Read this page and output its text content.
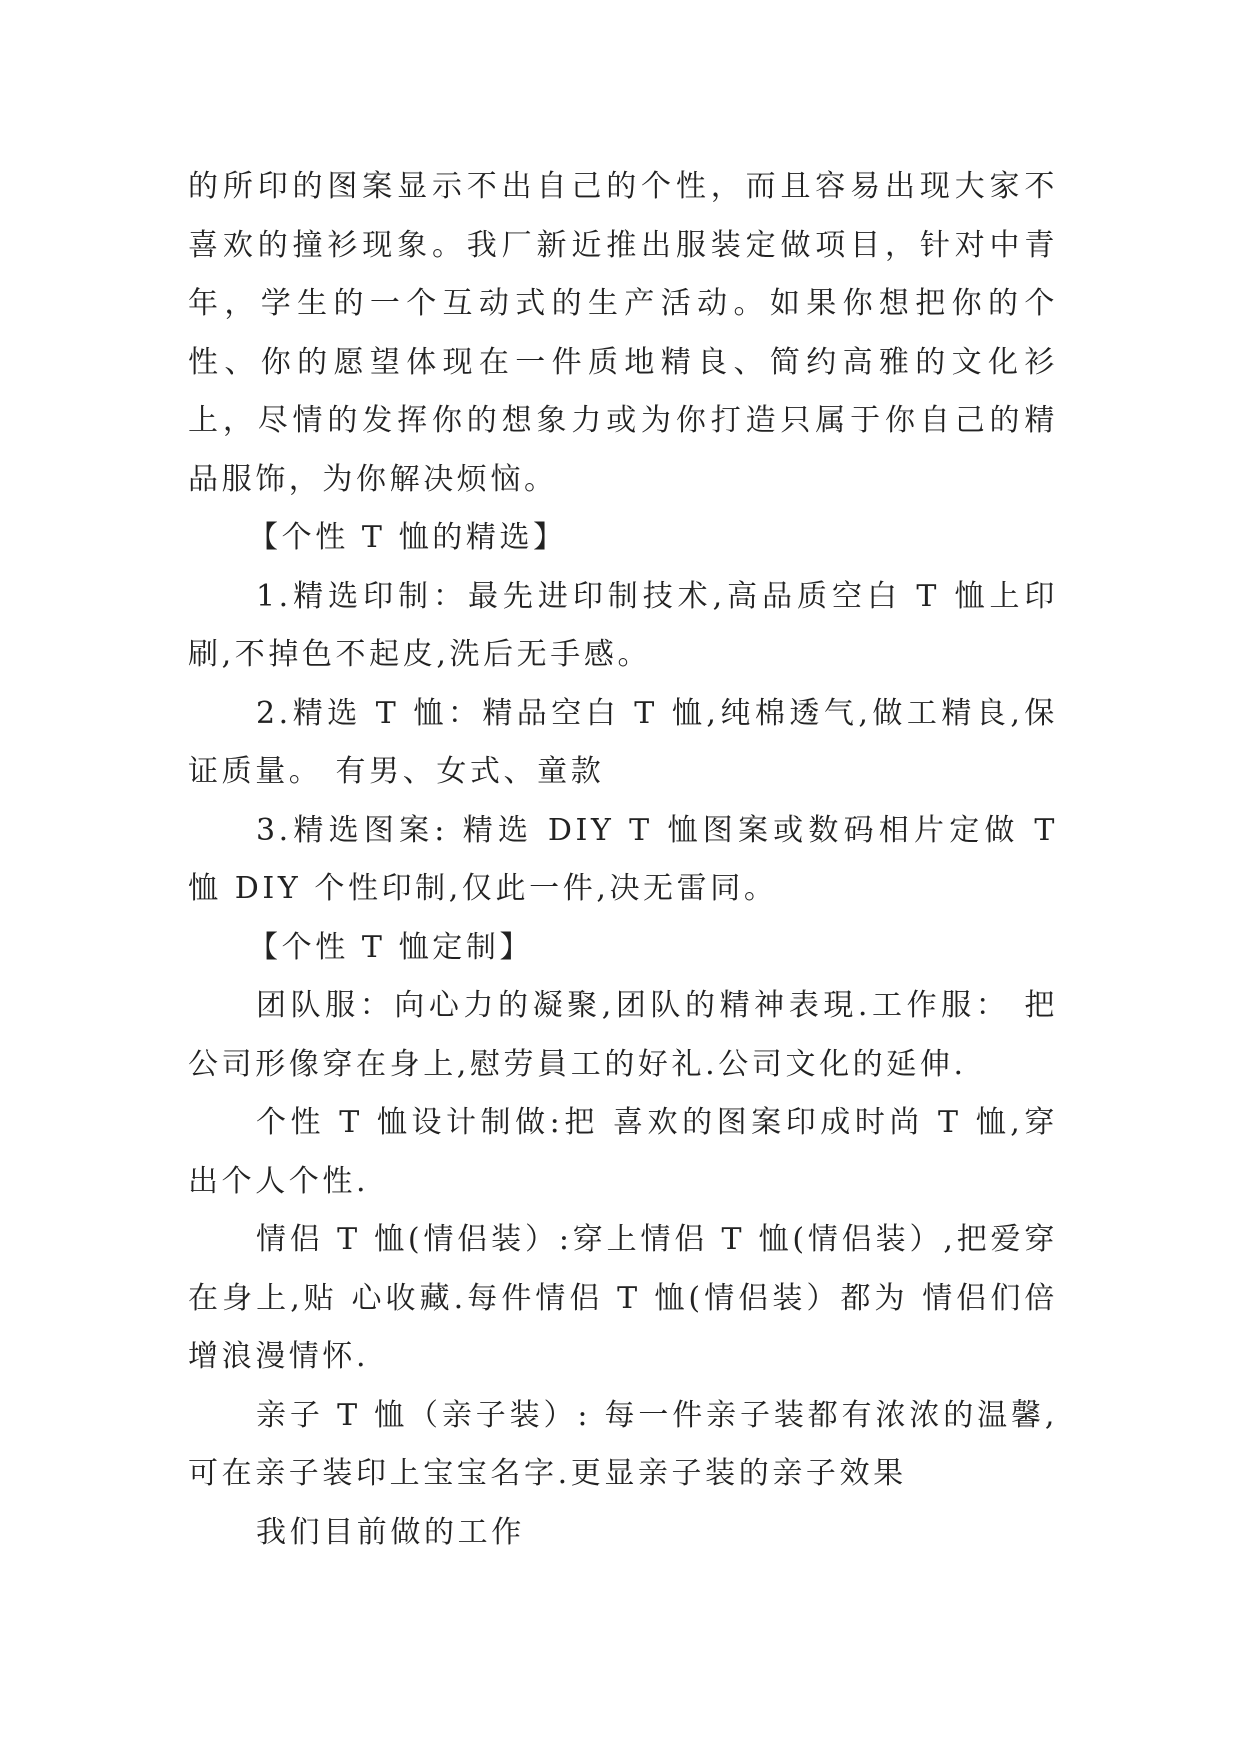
的所印的图案显示不出自己的个性，而且容易出现大家不喜欢的撞衫现象。我厂新近推出服装定做项目，针对中青年，学生的一个互动式的生产活动。如果你想把你的个性、你的愿望体现在一件质地精良、简约高雅的文化衫上，尽情的发挥你的想象力或为你打造只属于你自己的精品服饰，为你解决烦恼。

【个性 T 恤的精选】

1.精选印制：最先进印制技术,高品质空白 T 恤上印刷,不掉色不起皮,洗后无手感。

2.精选 T 恤：精品空白 T 恤,纯棉透气,做工精良,保证质量。 有男、女式、童款

3.精选图案: 精选 DIY T 恤图案或数码相片定做 T 恤 DIY 个性印制,仅此一件,决无雷同。

【个性 T 恤定制】

团队服：向心力的凝聚,团队的精神表現.工作服： 把公司形像穿在身上,慰劳員工的好礼.公司文化的延伸.

个性 T 恤设计制做:把 喜欢的图案印成时尚 T 恤,穿出个人个性.

情侣 T 恤(情侣装）:穿上情侣 T 恤(情侣装）,把爱穿在身上,贴 心收藏.每件情侣 T 恤(情侣装）都为 情侣们倍增浪漫情怀.

亲子 T 恤（亲子装）: 每一件亲子装都有浓浓的温馨,可在亲子装印上宝宝名字.更显亲子装的亲子效果

我们目前做的工作
